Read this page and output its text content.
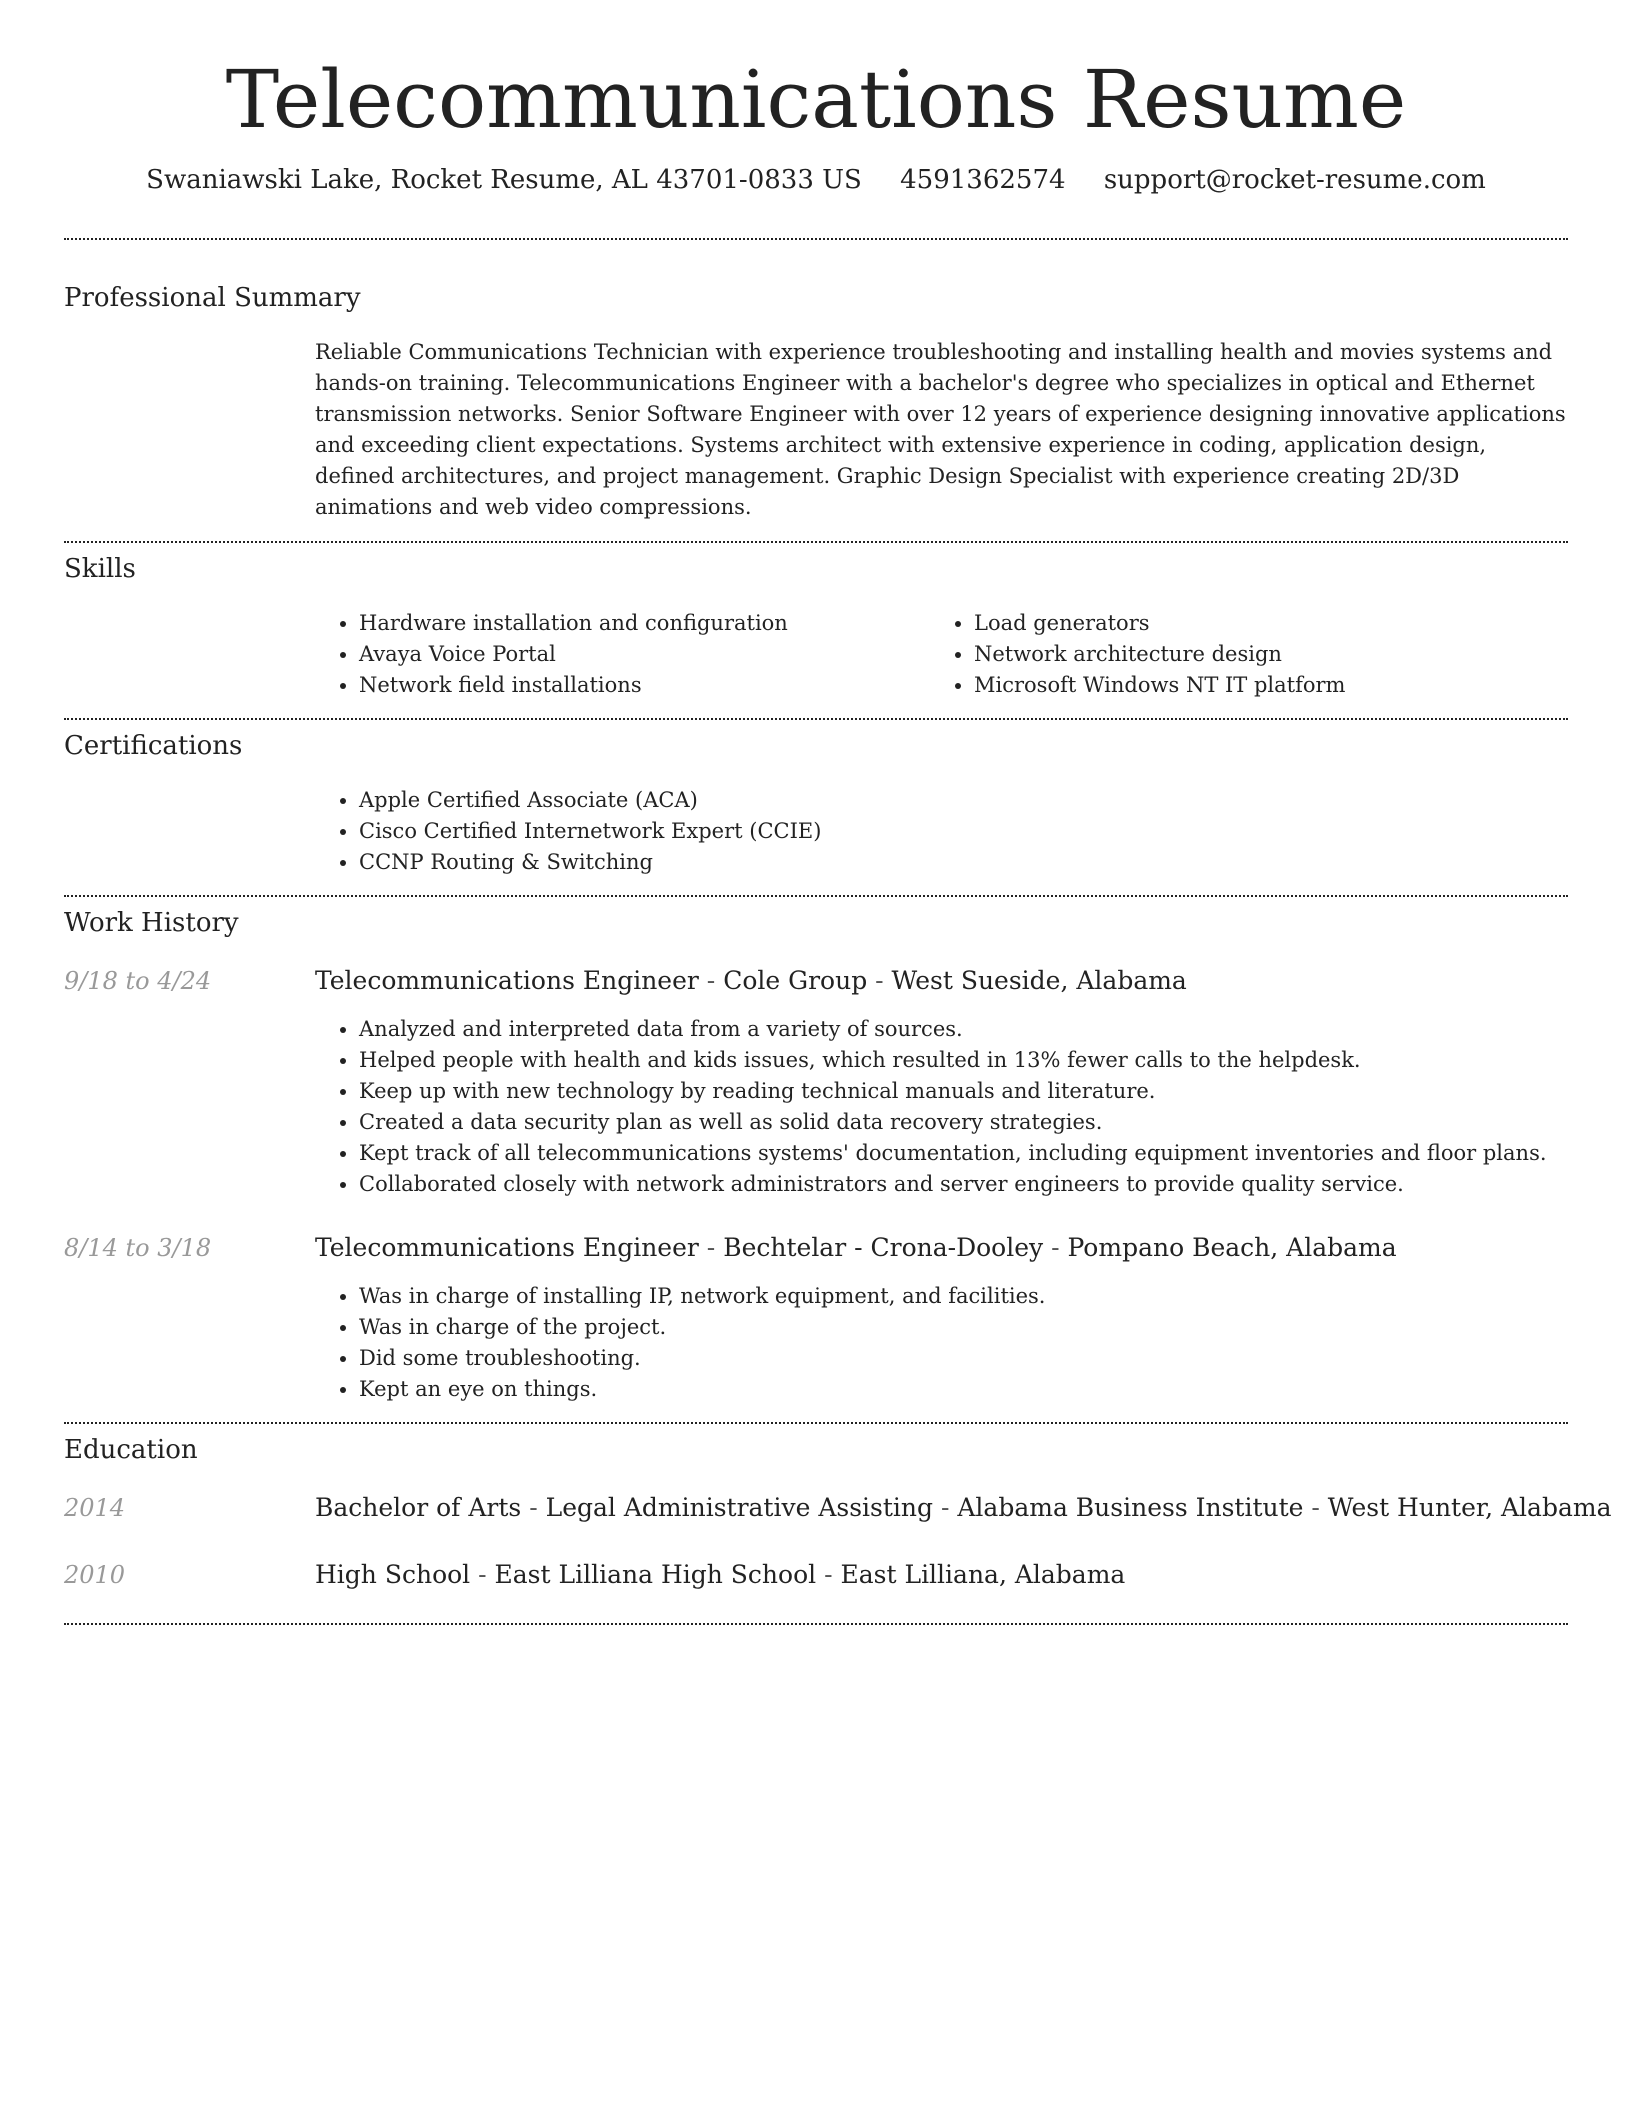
Telecommunications Resume
Swaniawski Lake, Rocket Resume, AL 43701-0833 US 4591362574 support@rocket-resume.com
Professional Summary

Reliable Communications Technician with experience troubleshooting and installing health and movies systems and hands-on training. Telecommunications Engineer with a bachelor's degree who specializes in optical and Ethernet transmission networks. Senior Software Engineer with over 12 years of experience designing innovative applications and exceeding client expectations. Systems architect with extensive experience in coding, application design, defined architectures, and project management. Graphic Design Specialist with experience creating 2D/3D animations and web video compressions.

Skills
• Hardware installation and configuration
• Avaya Voice Portal
• Network field installations
• Load generators
• Network architecture design
• Microsoft Windows NT IT platform
Certifications
• Apple Certified Associate (ACA)
• Cisco Certified Internetwork Expert (CCIE)
• CCNP Routing & Switching
Work History
9/18 to 4/24	Telecommunications Engineer - Cole Group - West Sueside, Alabama
• Analyzed and interpreted data from a variety of sources.
• Helped people with health and kids issues, which resulted in 13% fewer calls to the helpdesk.
• Keep up with new technology by reading technical manuals and literature.
• Created a data security plan as well as solid data recovery strategies.
• Kept track of all telecommunications systems' documentation, including equipment inventories and floor plans.
• Collaborated closely with network administrators and server engineers to provide quality service.
8/14 to 3/18	Telecommunications Engineer - Bechtelar - Crona-Dooley - Pompano Beach, Alabama
• Was in charge of installing IP, network equipment, and facilities.
• Was in charge of the project.
• Did some troubleshooting.
• Kept an eye on things.
Education
2014	Bachelor of Arts - Legal Administrative Assisting - Alabama Business Institute - West Hunter, Alabama
2010	High School - East Lilliana High School - East Lilliana, Alabama
